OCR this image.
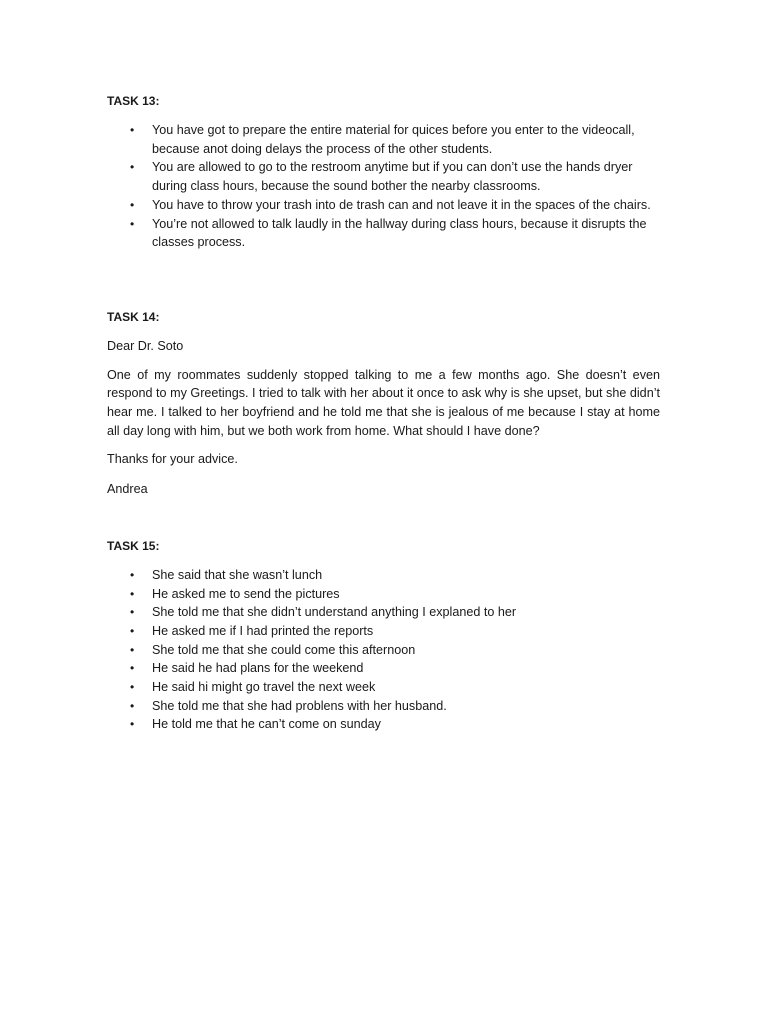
TASK 13:

• You have got to prepare the entire material for quices before you enter to the videocall, because anot doing delays the process of the other students.
• You are allowed to go to the restroom anytime but if you can don’t use the hands dryer during class hours, because the sound bother the nearby classrooms.
• You have to throw your trash into de trash can and not leave it in the spaces of the chairs.
• You’re not allowed to talk laudly in the hallway during class hours, because it disrupts the classes process.

TASK 14:

Dear Dr. Soto

One of my roommates suddenly stopped talking to me a few months ago. She doesn’t even respond to my Greetings. I tried to talk with her about it once to ask why is she upset, but she didn’t hear me. I talked to her boyfriend and he told me that she is jealous of me because I stay at home all day long with him, but we both work from home. What should I have done?

Thanks for your advice.

Andrea

TASK 15:

• She said that she wasn’t lunch
• He asked me to send the pictures
• She told me that she didn’t understand anything I explaned to her
• He asked me if I had printed the reports
• She told me that she could come this afternoon
• He said he had plans for the weekend
• He said hi might go travel the next week
• She told me that she had problens with her husband.
• He told me that he can’t come on sunday
